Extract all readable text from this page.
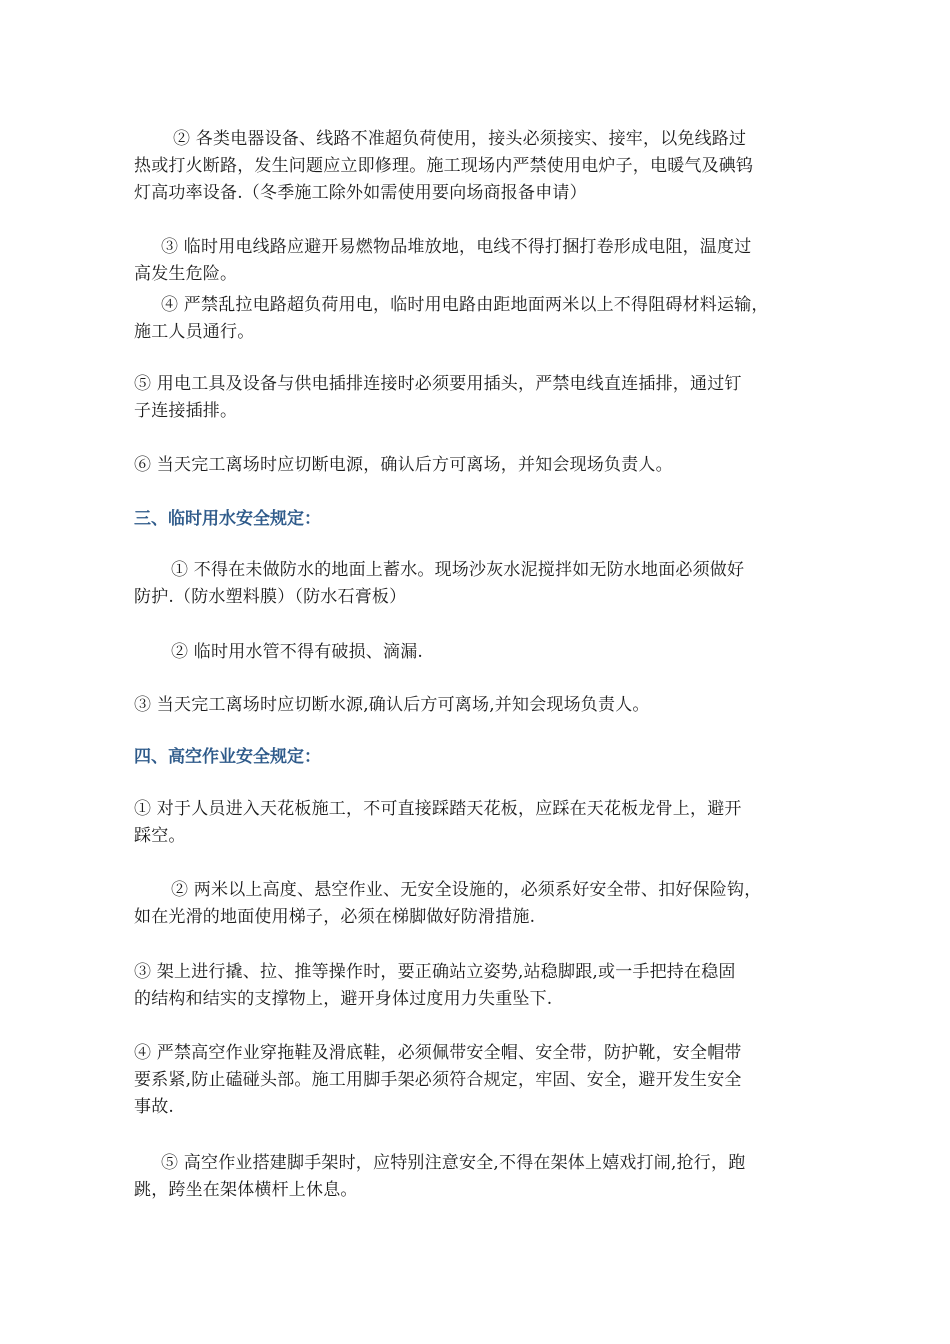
② 各类电器设备、线路不准超负荷使用，接头必须接实、接牢，以免线路过
热或打火断路，发生问题应立即修理。施工现场内严禁使用电炉子，电暖气及碘钨
灯高功率设备.（冬季施工除外如需使用要向场商报备申请）
③ 临时用电线路应避开易燃物品堆放地，电线不得打捆打卷形成电阻，温度过
高发生危险。
④ 严禁乱拉电路超负荷用电，临时用电路由距地面两米以上不得阻碍材料运输，
施工人员通行。
⑤ 用电工具及设备与供电插排连接时必须要用插头，严禁电线直连插排，通过钉
子连接插排。
⑥ 当天完工离场时应切断电源，确认后方可离场，并知会现场负责人。
三、临时用水安全规定：
① 不得在未做防水的地面上蓄水。现场沙灰水泥搅拌如无防水地面必须做好
防护.（防水塑料膜）（防水石膏板）
② 临时用水管不得有破损、滴漏.
③ 当天完工离场时应切断水源,确认后方可离场,并知会现场负责人。
四、高空作业安全规定：
① 对于人员进入天花板施工，不可直接踩踏天花板，应踩在天花板龙骨上，避开
踩空。
② 两米以上高度、悬空作业、无安全设施的，必须系好安全带、扣好保险钩，
如在光滑的地面使用梯子，必须在梯脚做好防滑措施.
③ 架上进行撬、拉、推等操作时，要正确站立姿势,站稳脚跟,或一手把持在稳固
的结构和结实的支撑物上，避开身体过度用力失重坠下.
④ 严禁高空作业穿拖鞋及滑底鞋，必须佩带安全帽、安全带，防护靴，安全帽带
要系紧,防止磕碰头部。施工用脚手架必须符合规定，牢固、安全，避开发生安全
事故.
⑤ 高空作业搭建脚手架时，应特别注意安全,不得在架体上嬉戏打闹,抢行，跑
跳，跨坐在架体横杆上休息。
